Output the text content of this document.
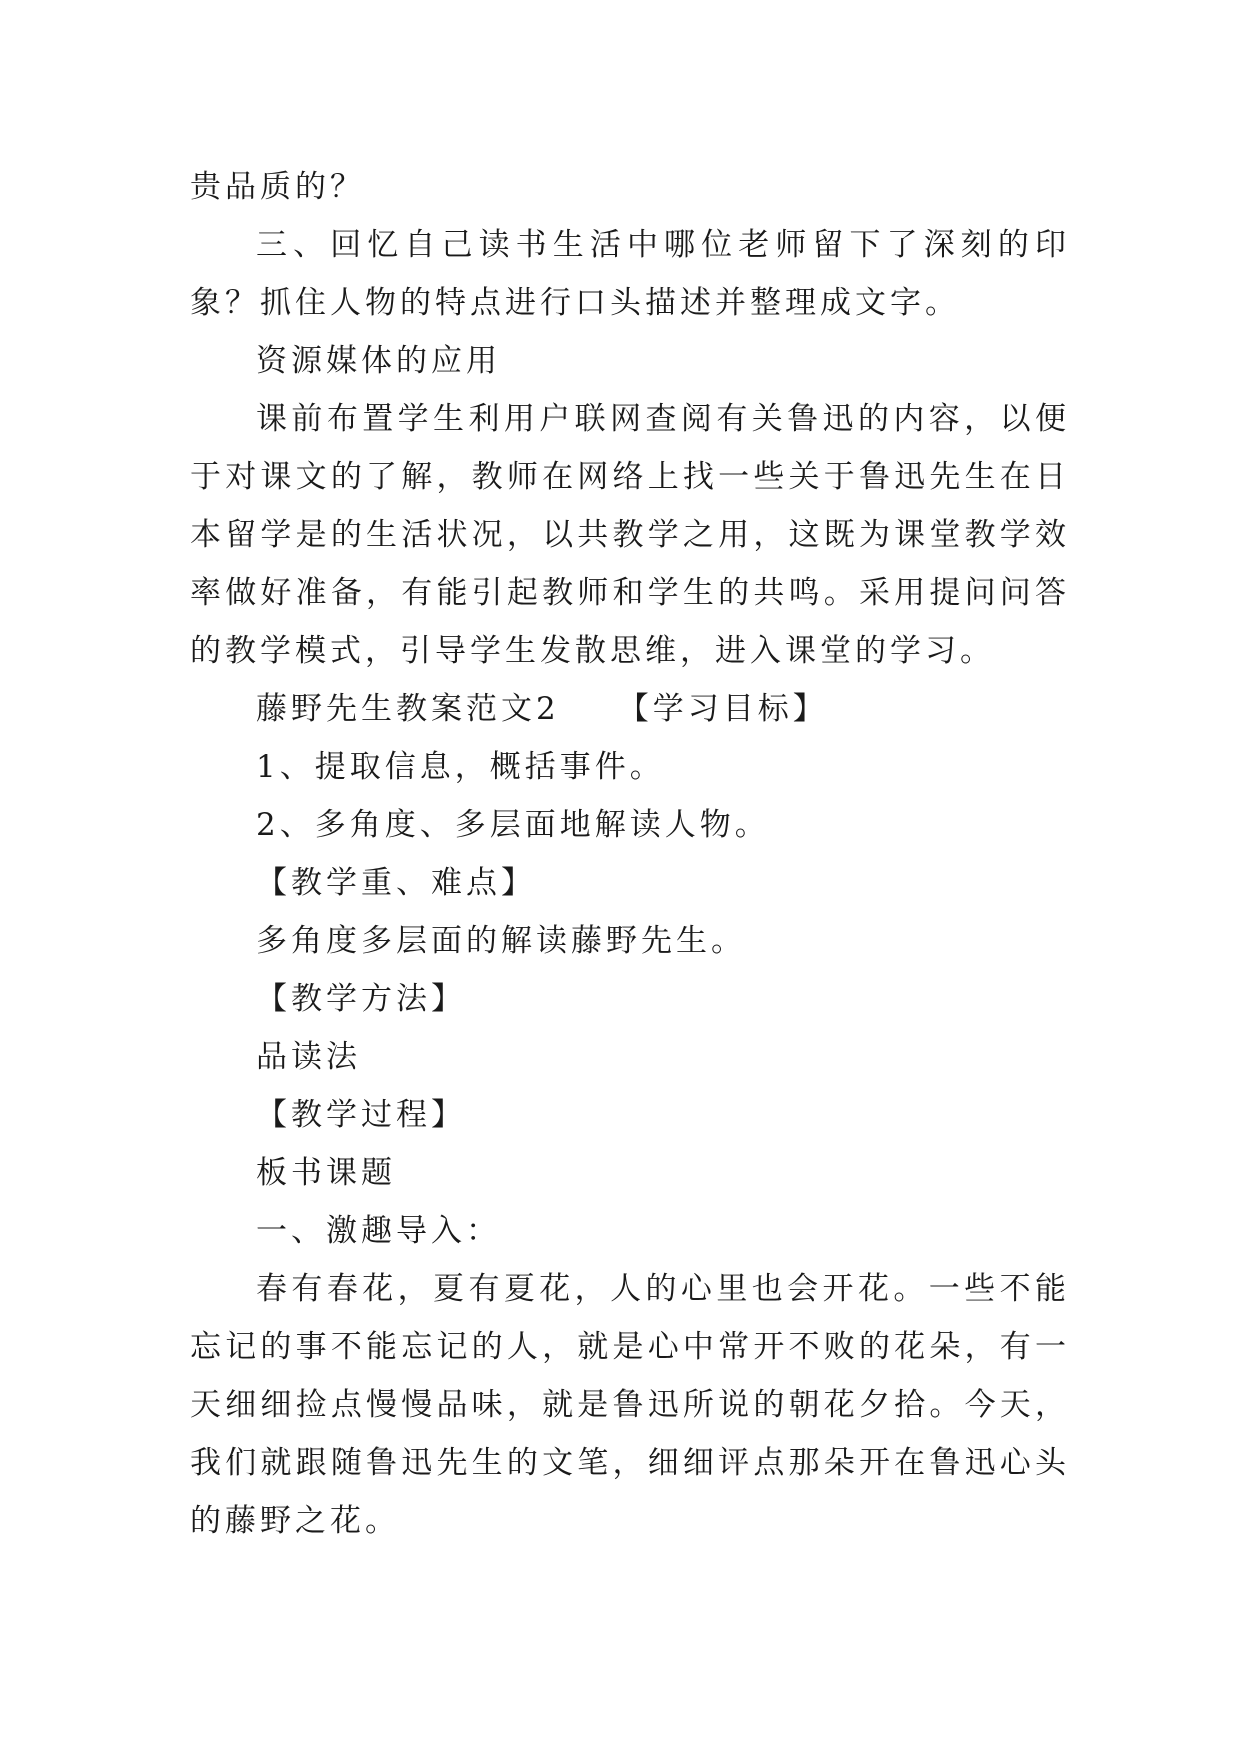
贵品质的？

三、回忆自己读书生活中哪位老师留下了深刻的印象？抓住人物的特点进行口头描述并整理成文字。

资源媒体的应用

课前布置学生利用户联网查阅有关鲁迅的内容，以便于对课文的了解，教师在网络上找一些关于鲁迅先生在日本留学是的生活状况，以共教学之用，这既为课堂教学效率做好准备，有能引起教师和学生的共鸣。采用提问问答的教学模式，引导学生发散思维，进入课堂的学习。

藤野先生教案范文2 【学习目标】

1、提取信息，概括事件。

2、多角度、多层面地解读人物。

【教学重、难点】

多角度多层面的解读藤野先生。

【教学方法】

品读法

【教学过程】

板书课题

一、激趣导入：

春有春花，夏有夏花，人的心里也会开花。一些不能忘记的事不能忘记的人，就是心中常开不败的花朵，有一天细细捡点慢慢品味，就是鲁迅所说的朝花夕拾。今天，我们就跟随鲁迅先生的文笔，细细评点那朵开在鲁迅心头的藤野之花。
